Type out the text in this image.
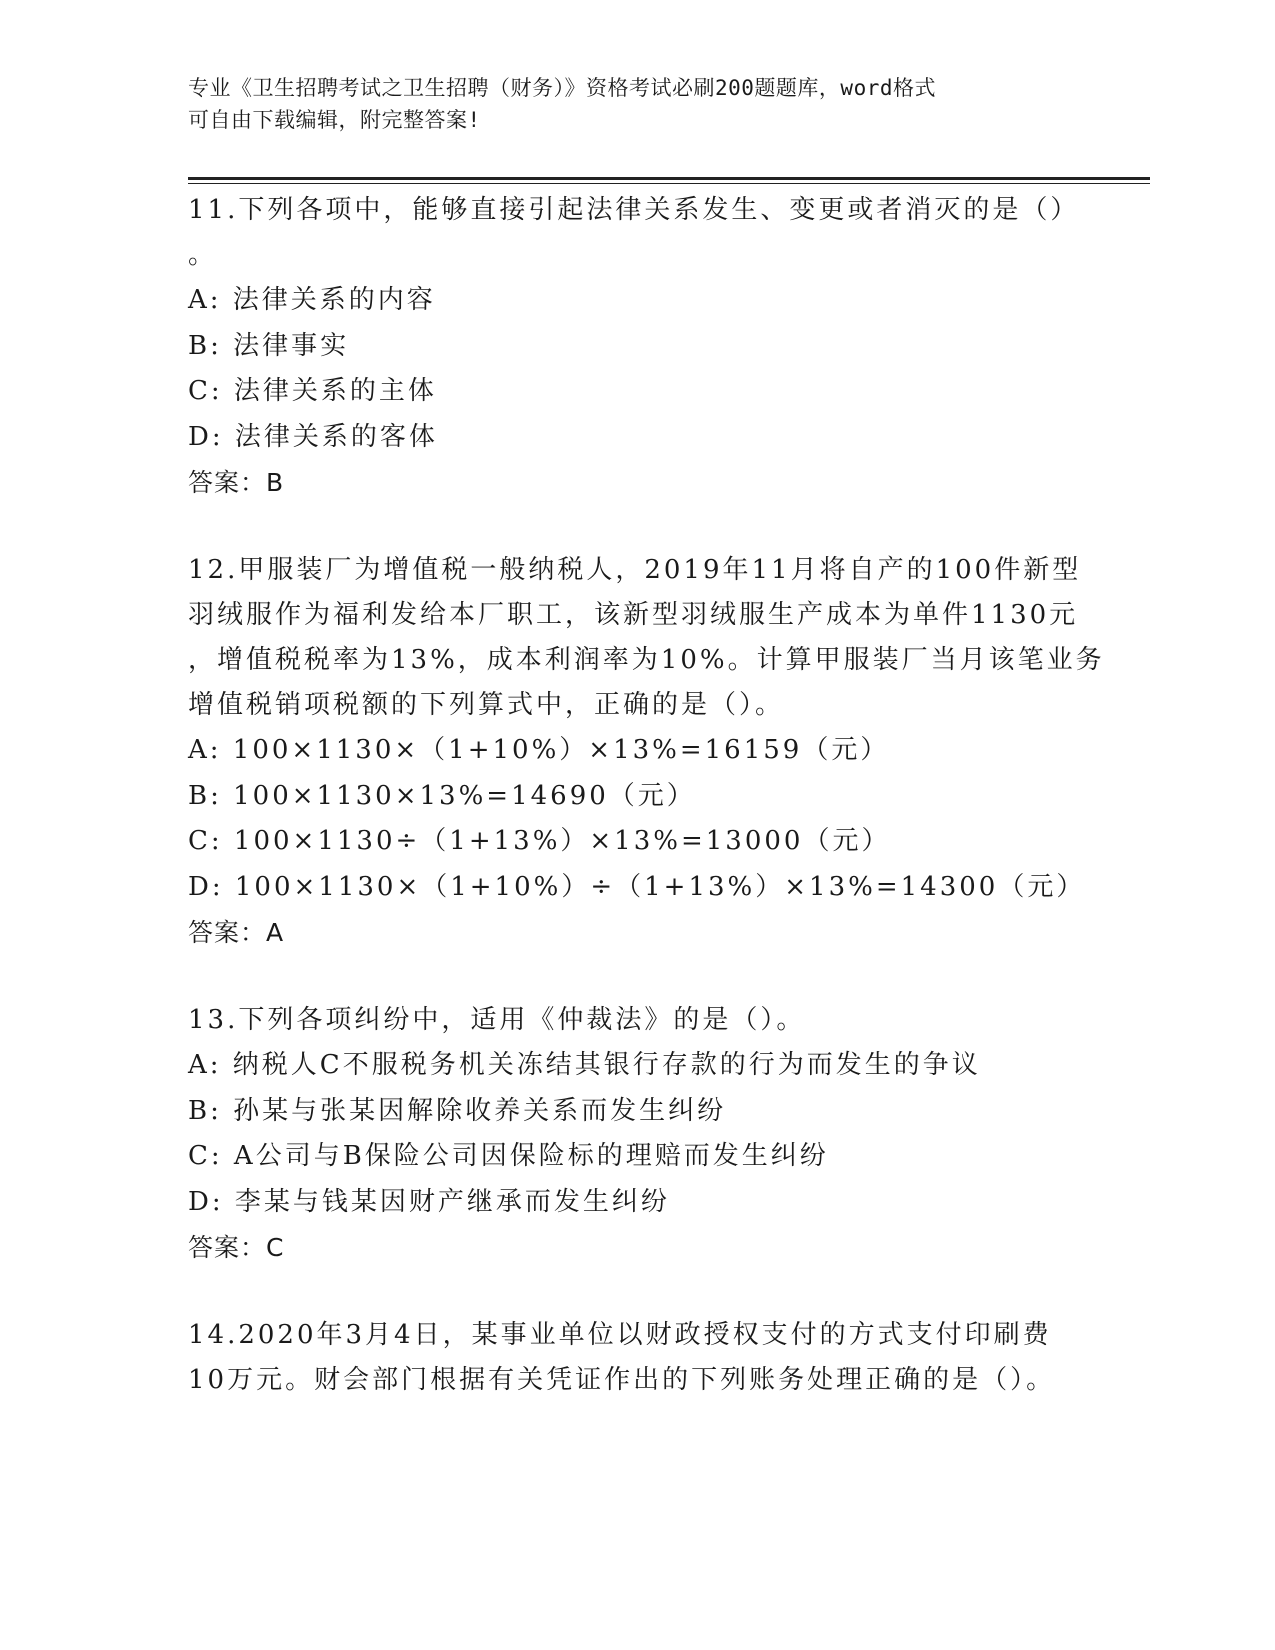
专业《卫生招聘考试之卫生招聘（财务）》资格考试必刷200题题库，word格式
可自由下载编辑，附完整答案!
11.下列各项中，能够直接引起法律关系发生、变更或者消灭的是（）
。
A: 法律关系的内容
B: 法律事实
C: 法律关系的主体
D: 法律关系的客体
答案：B
12.甲服装厂为增值税一般纳税人，2019年11月将自产的100件新型
羽绒服作为福利发给本厂职工，该新型羽绒服生产成本为单件1130元
，增值税税率为13%，成本利润率为10%。计算甲服装厂当月该笔业务
增值税销项税额的下列算式中，正确的是（）。
A: 100×1130×（1+10%）×13%=16159（元）
B: 100×1130×13%=14690（元）
C: 100×1130÷（1+13%）×13%=13000（元）
D: 100×1130×（1+10%）÷（1+13%）×13%=14300（元）
答案：A
13.下列各项纠纷中，适用《仲裁法》的是（）。
A: 纳税人C不服税务机关冻结其银行存款的行为而发生的争议
B: 孙某与张某因解除收养关系而发生纠纷
C: A公司与B保险公司因保险标的理赔而发生纠纷
D: 李某与钱某因财产继承而发生纠纷
答案：C
14.2020年3月4日，某事业单位以财政授权支付的方式支付印刷费
10万元。财会部门根据有关凭证作出的下列账务处理正确的是（）。
